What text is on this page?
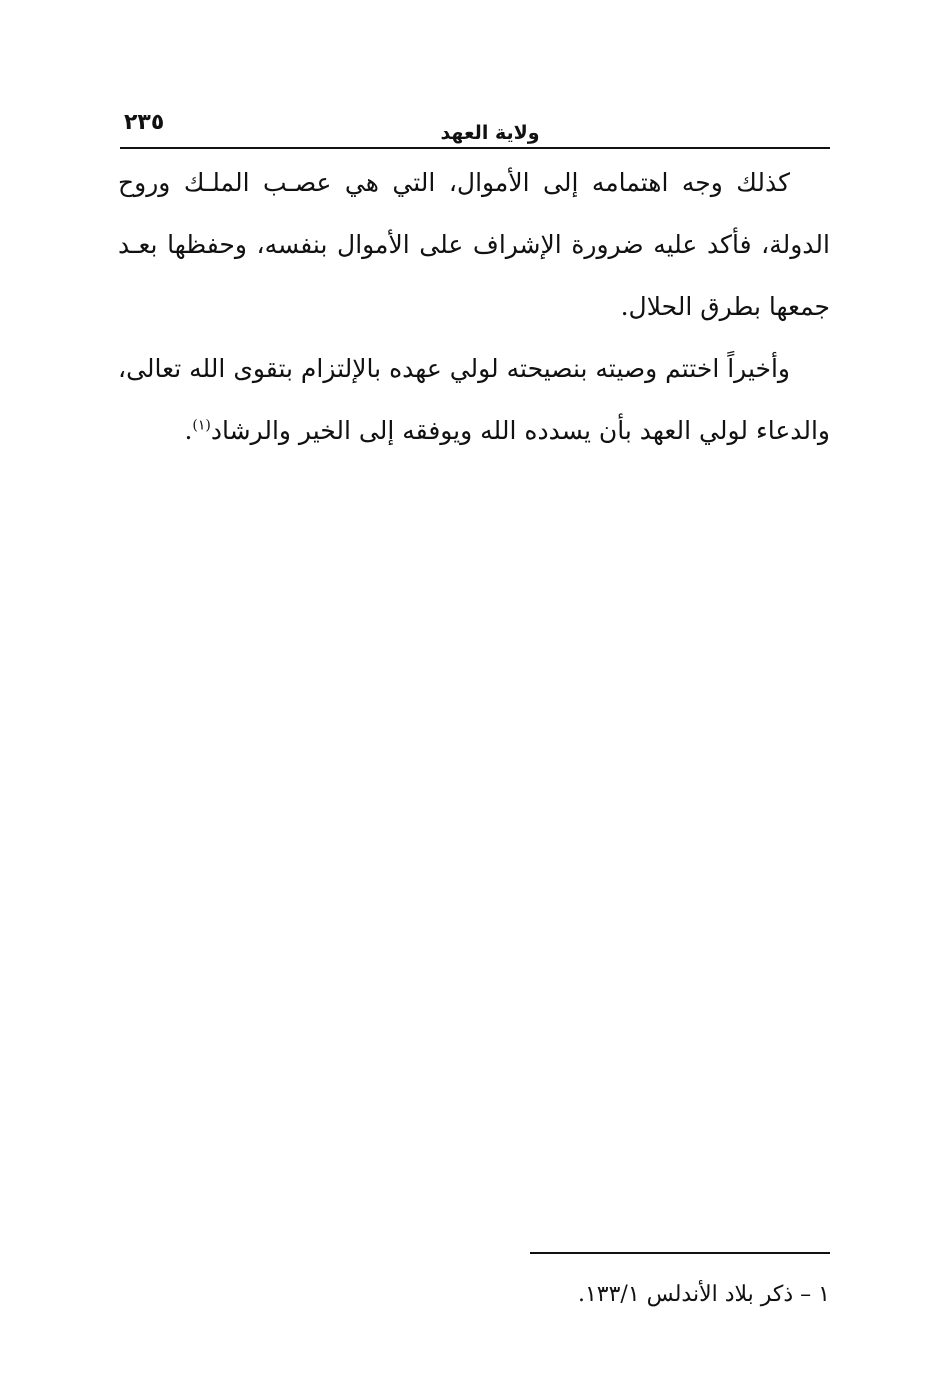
٢٣٥	ولاية العهد

كذلك وجه اهتمامه إلى الأموال، التي هي عصـب الملـك وروح الدولة، فأكد عليه ضرورة الإشراف على الأموال بنفسه، وحفظها بعـد جمعها بطرق الحلال.

وأخيراً اختتم وصيته بنصيحته لولي عهده بالإلتزام بتقوى الله تعالى، والدعاء لولي العهد بأن يسدده الله ويوفقه إلى الخير والرشاد$^{(١)}$.

١ – ذكر بلاد الأندلس ١٣٣/١.
